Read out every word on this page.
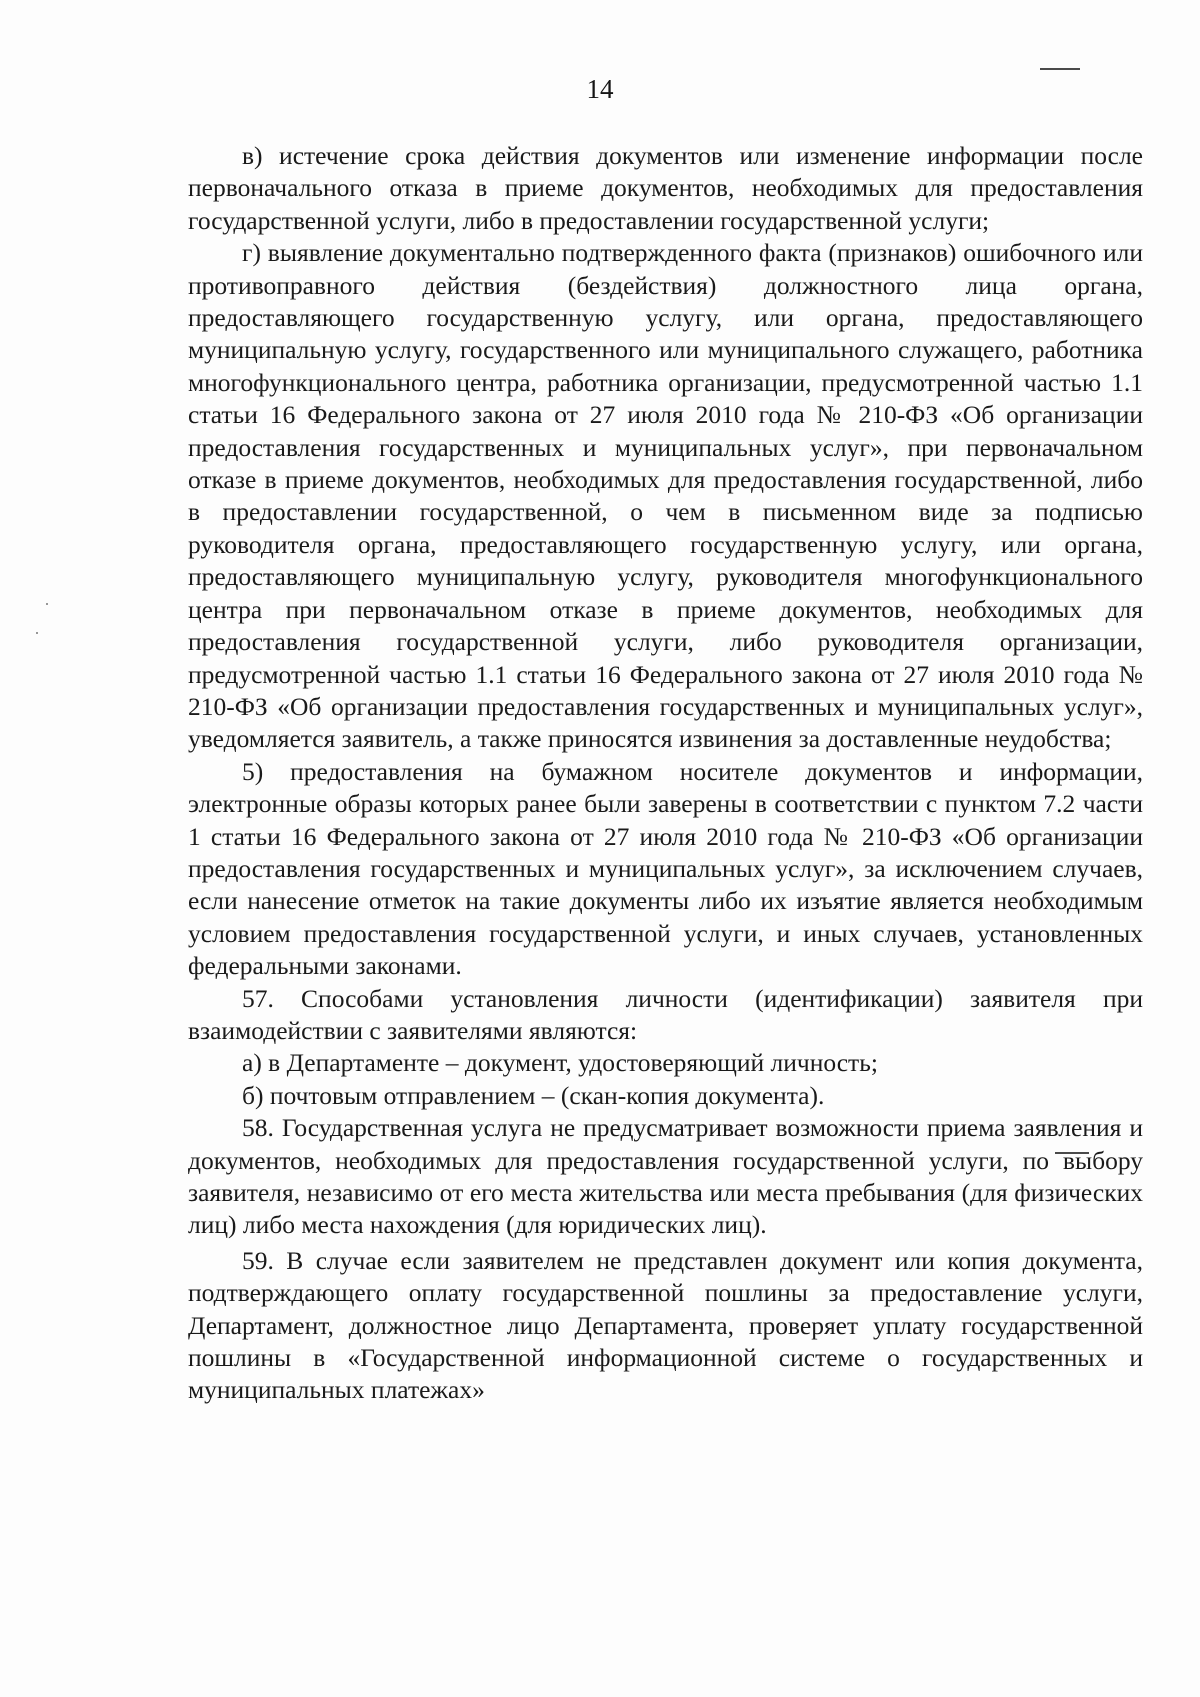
14

в) истечение срока действия документов или изменение информации после первоначального отказа в приеме документов, необходимых для предоставления государственной услуги, либо в предоставлении государственной услуги;

г) выявление документально подтвержденного факта (признаков) ошибочного или противоправного действия (бездействия) должностного лица органа, предоставляющего государственную услугу, или органа, предоставляющего муниципальную услугу, государственного или муниципального служащего, работника многофункционального центра, работника организации, предусмотренной частью 1.1 статьи 16 Федерального закона от 27 июля 2010 года № 210-ФЗ «Об организации предоставления государственных и муниципальных услуг», при первоначальном отказе в приеме документов, необходимых для предоставления государственной, либо в предоставлении государственной, о чем в письменном виде за подписью руководителя органа, предоставляющего государственную услугу, или органа, предоставляющего муниципальную услугу, руководителя многофункционального центра при первоначальном отказе в приеме документов, необходимых для предоставления государственной услуги, либо руководителя организации, предусмотренной частью 1.1 статьи 16 Федерального закона от 27 июля 2010 года № 210-ФЗ «Об организации предоставления государственных и муниципальных услуг», уведомляется заявитель, а также приносятся извинения за доставленные неудобства;

5) предоставления на бумажном носителе документов и информации, электронные образы которых ранее были заверены в соответствии с пунктом 7.2 части 1 статьи 16 Федерального закона от 27 июля 2010 года № 210-ФЗ «Об организации предоставления государственных и муниципальных услуг», за исключением случаев, если нанесение отметок на такие документы либо их изъятие является необходимым условием предоставления государственной услуги, и иных случаев, установленных федеральными законами.

57. Способами установления личности (идентификации) заявителя при взаимодействии с заявителями являются:

а) в Департаменте – документ, удостоверяющий личность;

б) почтовым отправлением – (скан-копия документа).

58. Государственная услуга не предусматривает возможности приема заявления и документов, необходимых для предоставления государственной услуги, по выбору заявителя, независимо от его места жительства или места пребывания (для физических лиц) либо места нахождения (для юридических лиц).

59. В случае если заявителем не представлен документ или копия документа, подтверждающего оплату государственной пошлины за предоставление услуги, Департамент, должностное лицо Департамента, проверяет уплату государственной пошлины в «Государственной информационной системе о государственных и муниципальных платежах»
